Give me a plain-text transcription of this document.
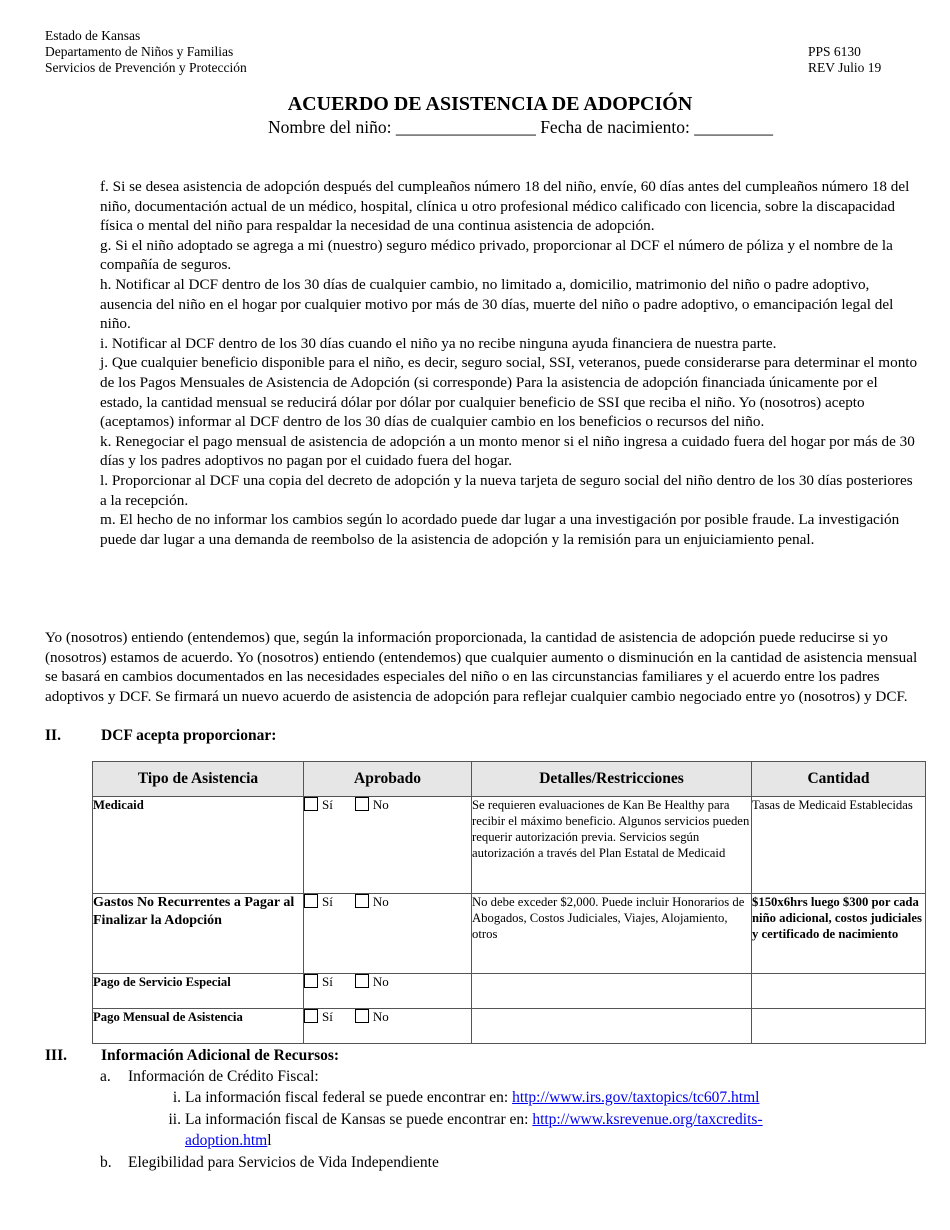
Estado de Kansas
Departamento de Niños y Familias
Servicios de Prevención y Protección
PPS 6130
REV Julio 19
ACUERDO DE ASISTENCIA DE ADOPCIÓN
Nombre del niño: ________________ Fecha de nacimiento: _________

f. Si se desea asistencia de adopción después del cumpleaños número 18 del niño, envíe, 60 días antes del cumpleaños número 18 del niño, documentación actual de un médico, hospital, clínica u otro profesional médico calificado con licencia, sobre la discapacidad física o mental del niño para respaldar la necesidad de una continua asistencia de adopción.

g. Si el niño adoptado se agrega a mi (nuestro) seguro médico privado, proporcionar al DCF el número de póliza y el nombre de la compañía de seguros.

h. Notificar al DCF dentro de los 30 días de cualquier cambio, no limitado a, domicilio, matrimonio del niño o padre adoptivo, ausencia del niño en el hogar por cualquier motivo por más de 30 días, muerte del niño o padre adoptivo, o emancipación legal del niño.

i. Notificar al DCF dentro de los 30 días cuando el niño ya no recibe ninguna ayuda financiera de nuestra parte.

j. Que cualquier beneficio disponible para el niño, es decir, seguro social, SSI, veteranos, puede considerarse para determinar el monto de los Pagos Mensuales de Asistencia de Adopción (si corresponde) Para la asistencia de adopción financiada únicamente por el estado, la cantidad mensual se reducirá dólar por dólar por cualquier beneficio de SSI que reciba el niño. Yo (nosotros) acepto (aceptamos) informar al DCF dentro de los 30 días de cualquier cambio en los beneficios o recursos del niño.

k. Renegociar el pago mensual de asistencia de adopción a un monto menor si el niño ingresa a cuidado fuera del hogar por más de 30 días y los padres adoptivos no pagan por el cuidado fuera del hogar.

l. Proporcionar al DCF una copia del decreto de adopción y la nueva tarjeta de seguro social del niño dentro de los 30 días posteriores a la recepción.

m. El hecho de no informar los cambios según lo acordado puede dar lugar a una investigación por posible fraude. La investigación puede dar lugar a una demanda de reembolso de la asistencia de adopción y la remisión para un enjuiciamiento penal.

Yo (nosotros) entiendo (entendemos) que, según la información proporcionada, la cantidad de asistencia de adopción puede reducirse si yo (nosotros) estamos de acuerdo. Yo (nosotros) entiendo (entendemos) que cualquier aumento o disminución en la cantidad de asistencia mensual se basará en cambios documentados en las necesidades especiales del niño o en las circunstancias familiares y el acuerdo entre los padres adoptivos y DCF. Se firmará un nuevo acuerdo de asistencia de adopción para reflejar cualquier cambio negociado entre yo (nosotros) y DCF.

II.	DCF acepta proporcionar:
Tipo de Asistencia	Aprobado	Detalles/Restricciones	Cantidad
Medicaid	Sí No	Se requieren evaluaciones de Kan Be Healthy para recibir el máximo beneficio. Algunos servicios pueden requerir autorización previa. Servicios según autorización a través del Plan Estatal de Medicaid	Tasas de Medicaid Establecidas
Gastos No Recurrentes a Pagar al Finalizar la Adopción	Sí No	No debe exceder $2,000. Puede incluir Honorarios de Abogados, Costos Judiciales, Viajes, Alojamiento, otros	$150x6hrs luego $300 por cada niño adicional, costos judiciales y certificado de nacimiento
Pago de Servicio Especial	Sí No		
Pago Mensual de Asistencia	Sí No		
III. Información Adicional de Recursos:
a. Información de Crédito Fiscal:
i. La información fiscal federal se puede encontrar en: http://www.irs.gov/taxtopics/tc607.html
ii. La información fiscal de Kansas se puede encontrar en: http://www.ksrevenue.org/taxcredits-
adoption.html
b. Elegibilidad para Servicios de Vida Independiente
